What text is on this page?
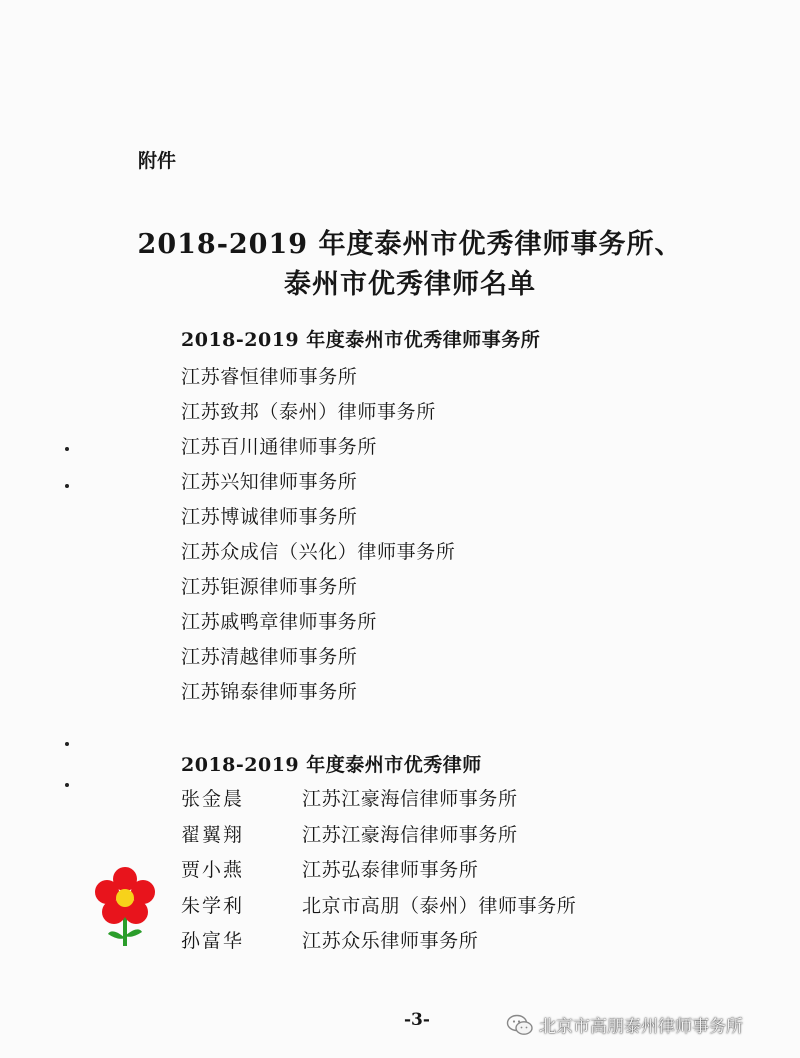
附件
2018-2019 年度泰州市优秀律师事务所、
泰州市优秀律师名单
2018-2019 年度泰州市优秀律师事务所
江苏睿恒律师事务所
江苏致邦（泰州）律师事务所
江苏百川通律师事务所
江苏兴知律师事务所
江苏博诚律师事务所
江苏众成信（兴化）律师事务所
江苏钜源律师事务所
江苏戚鸭章律师事务所
江苏清越律师事务所
江苏锦泰律师事务所
2018-2019 年度泰州市优秀律师
张金晨	江苏江豪海信律师事务所
翟翼翔	江苏江豪海信律师事务所
贾小燕	江苏弘泰律师事务所
朱学利	北京市高朋（泰州）律师事务所
孙富华	江苏众乐律师事务所
-3-	北京市高朋泰州律师事务所
